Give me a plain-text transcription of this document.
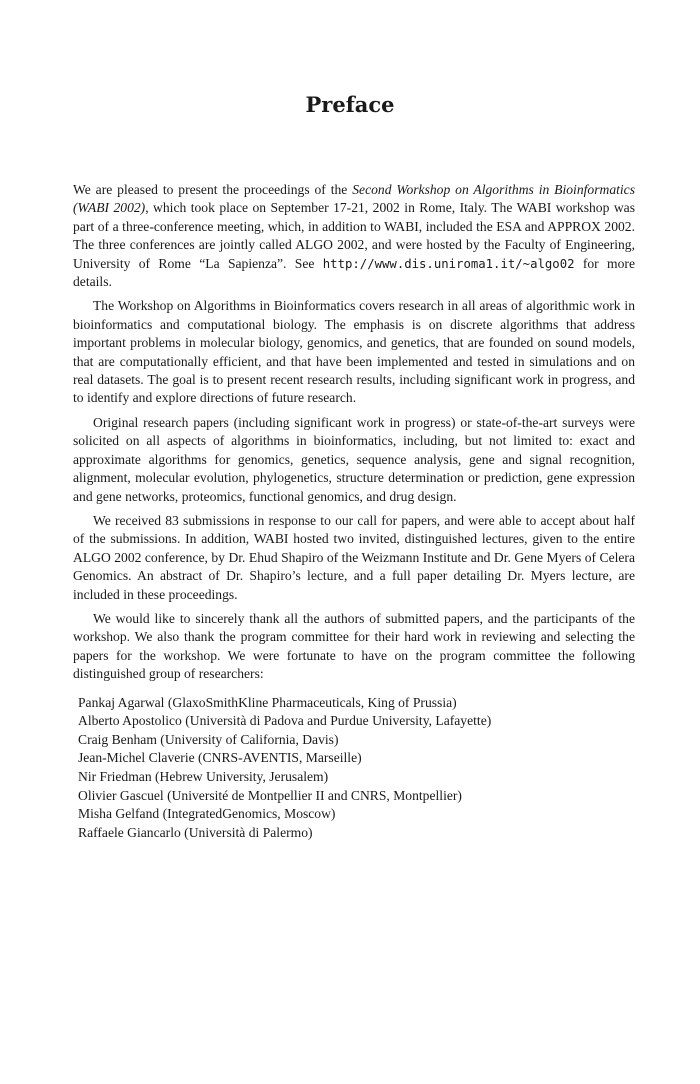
Preface

We are pleased to present the proceedings of the Second Workshop on Algorithms in Bioinformatics (WABI 2002), which took place on September 17-21, 2002 in Rome, Italy. The WABI workshop was part of a three-conference meeting, which, in addition to WABI, included the ESA and APPROX 2002. The three conferences are jointly called ALGO 2002, and were hosted by the Faculty of Engineering, University of Rome “La Sapienza”. See http://www.dis.uniroma1.it/~algo02 for more details.

The Workshop on Algorithms in Bioinformatics covers research in all areas of algorithmic work in bioinformatics and computational biology. The emphasis is on discrete algorithms that address important problems in molecular biology, genomics, and genetics, that are founded on sound models, that are computationally efficient, and that have been implemented and tested in simulations and on real datasets. The goal is to present recent research results, including significant work in progress, and to identify and explore directions of future research.

Original research papers (including significant work in progress) or state-of-the-art surveys were solicited on all aspects of algorithms in bioinformatics, including, but not limited to: exact and approximate algorithms for genomics, genetics, sequence analysis, gene and signal recognition, alignment, molecular evolution, phylogenetics, structure determination or prediction, gene expression and gene networks, proteomics, functional genomics, and drug design.

We received 83 submissions in response to our call for papers, and were able to accept about half of the submissions. In addition, WABI hosted two invited, distinguished lectures, given to the entire ALGO 2002 conference, by Dr. Ehud Shapiro of the Weizmann Institute and Dr. Gene Myers of Celera Genomics. An abstract of Dr. Shapiro’s lecture, and a full paper detailing Dr. Myers lecture, are included in these proceedings.

We would like to sincerely thank all the authors of submitted papers, and the participants of the workshop. We also thank the program committee for their hard work in reviewing and selecting the papers for the workshop. We were fortunate to have on the program committee the following distinguished group of researchers:

Pankaj Agarwal (GlaxoSmithKline Pharmaceuticals, King of Prussia)
Alberto Apostolico (Università di Padova and Purdue University, Lafayette)
Craig Benham (University of California, Davis)
Jean-Michel Claverie (CNRS-AVENTIS, Marseille)
Nir Friedman (Hebrew University, Jerusalem)
Olivier Gascuel (Université de Montpellier II and CNRS, Montpellier)
Misha Gelfand (IntegratedGenomics, Moscow)
Raffaele Giancarlo (Università di Palermo)
